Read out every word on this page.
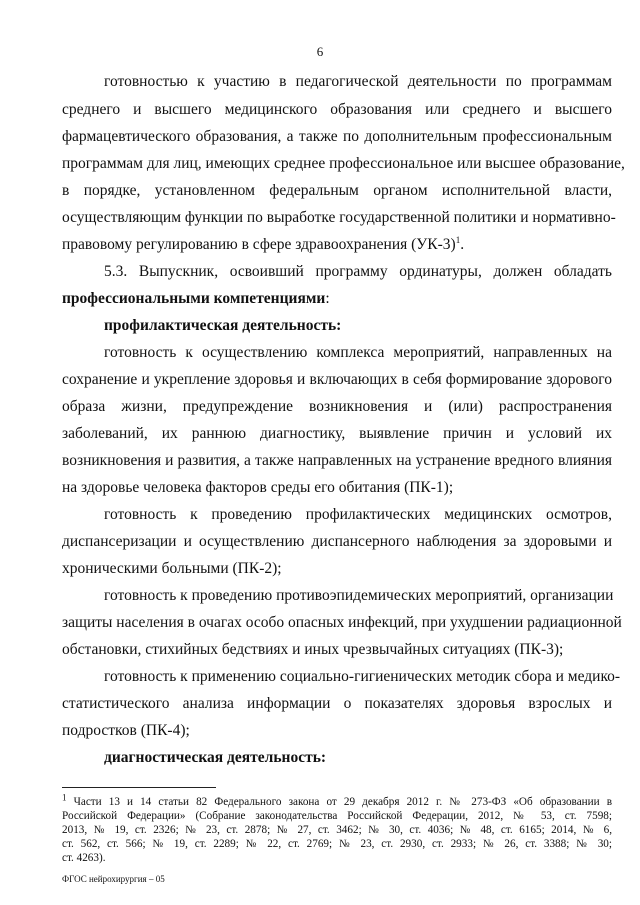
6
готовностью к участию в педагогической деятельности по программам
среднего и высшего медицинского образования или среднего и высшего
фармацевтического образования, а также по дополнительным профессиональным
программам для лиц, имеющих среднее профессиональное или высшее образование,
в порядке, установленном федеральным органом исполнительной власти,
осуществляющим функции по выработке государственной политики и нормативно-
правовому регулированию в сфере здравоохранения $(УК-3)^1$.
5.3. Выпускник, освоивший программу ординатуры, должен обладать
профессиональными компетенциями:
профилактическая деятельность:
готовность к осуществлению комплекса мероприятий, направленных на
сохранение и укрепление здоровья и включающих в себя формирование здорового
образа жизни, предупреждение возникновения и (или) распространения
заболеваний, их раннюю диагностику, выявление причин и условий их
возникновения и развития, а также направленных на устранение вредного влияния
на здоровье человека факторов среды его обитания (ПК-1);
готовность к проведению профилактических медицинских осмотров,
диспансеризации и осуществлению диспансерного наблюдения за здоровыми и
хроническими больными (ПК-2);
готовность к проведению противоэпидемических мероприятий, организации
защиты населения в очагах особо опасных инфекций, при ухудшении радиационной
обстановки, стихийных бедствиях и иных чрезвычайных ситуациях (ПК-3);
готовность к применению социально-гигиенических методик сбора и медико-
статистического анализа информации о показателях здоровья взрослых и
подростков (ПК-4);
диагностическая деятельность:
$^1$ Части 13 и 14 статьи 82 Федерального закона от 29 декабря 2012 г. № 273-ФЗ «Об образовании в
Российской Федерации» (Собрание законодательства Российской Федерации, 2012, № 53, ст. 7598;
2013, № 19, ст. 2326; № 23, ст. 2878; № 27, ст. 3462; № 30, ст. 4036; № 48, ст. 6165; 2014, № 6,
ст. 562, ст. 566; № 19, ст. 2289; № 22, ст. 2769; № 23, ст. 2930, ст. 2933; № 26, ст. 3388; № 30;
ст. 4263).
ФГОС нейрохирургия – 05
